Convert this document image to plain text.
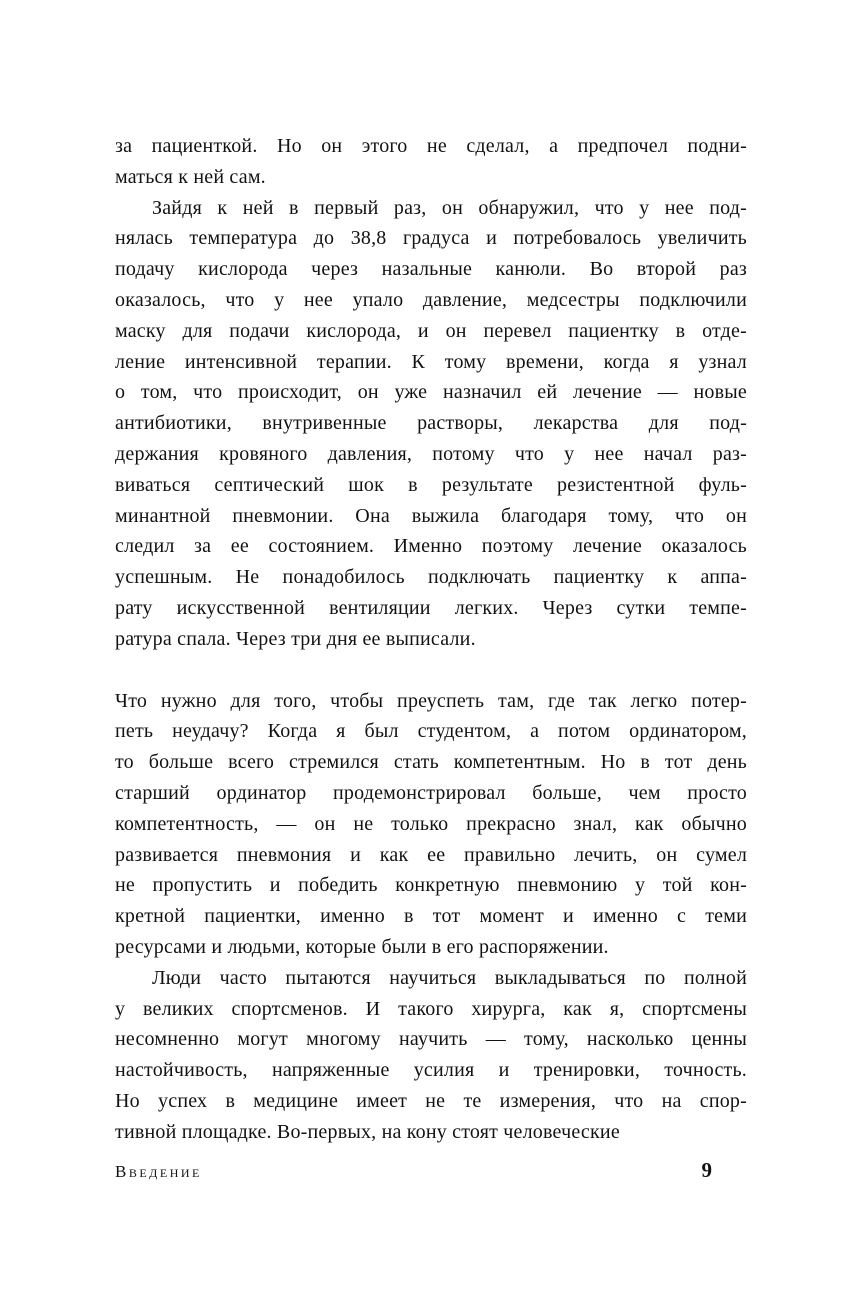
за пациенткой. Но он этого не сделал, а предпочел подни-
маться к ней сам.
Зайдя к ней в первый раз, он обнаружил, что у нее под-
нялась температура до 38,8 градуса и потребовалось увеличить
подачу кислорода через назальные канюли. Во второй раз
оказалось, что у нее упало давление, медсестры подключили
маску для подачи кислорода, и он перевел пациентку в отде-
ление интенсивной терапии. К тому времени, когда я узнал
о том, что происходит, он уже назначил ей лечение — новые
антибиотики, внутривенные растворы, лекарства для под-
держания кровяного давления, потому что у нее начал раз-
виваться септический шок в результате резистентной фуль-
минантной пневмонии. Она выжила благодаря тому, что он
следил за ее состоянием. Именно поэтому лечение оказалось
успешным. Не понадобилось подключать пациентку к аппа-
рату искусственной вентиляции легких. Через сутки темпе-
ратура спала. Через три дня ее выписали.
Что нужно для того, чтобы преуспеть там, где так легко потер-
петь неудачу? Когда я был студентом, а потом ординатором,
то больше всего стремился стать компетентным. Но в тот день
старший ординатор продемонстрировал больше, чем просто
компетентность, — он не только прекрасно знал, как обычно
развивается пневмония и как ее правильно лечить, он сумел
не пропустить и победить конкретную пневмонию у той кон-
кретной пациентки, именно в тот момент и именно с теми
ресурсами и людьми, которые были в его распоряжении.
Люди часто пытаются научиться выкладываться по полной
у великих спортсменов. И такого хирурга, как я, спортсмены
несомненно могут многому научить — тому, насколько ценны
настойчивость, напряженные усилия и тренировки, точность.
Но успех в медицине имеет не те измерения, что на спор-
тивной площадке. Во-первых, на кону стоят человеческие
Введение	9
